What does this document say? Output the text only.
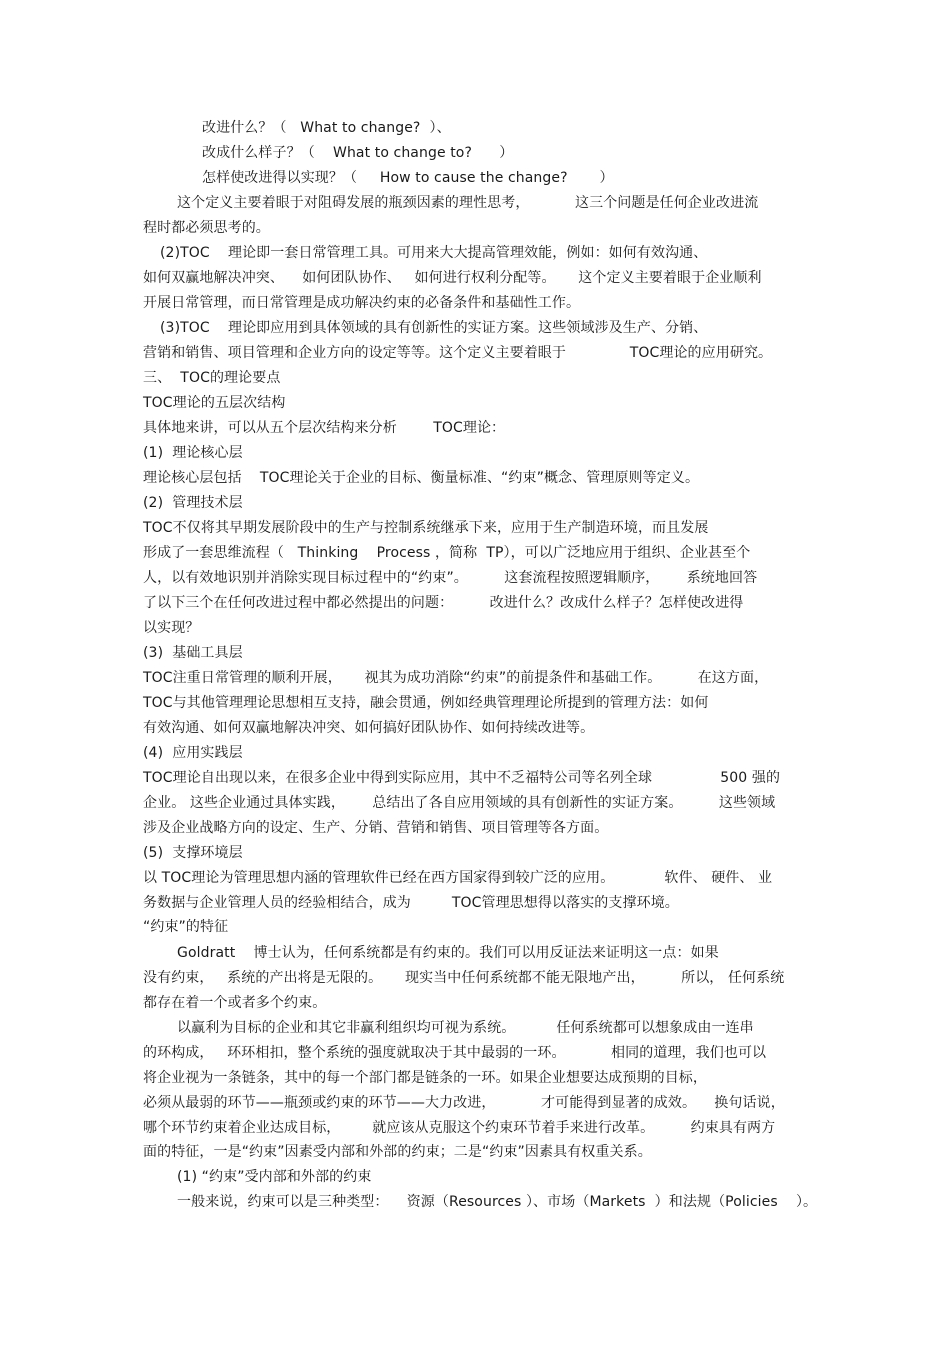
改进什么？（   What to change?  ）、
改成什么样子？（    What to change to?      ）
怎样使改进得以实现？（     How to cause the change?       ）
这个定义主要着眼于对阻碍发展的瓶颈因素的理性思考，          这三个问题是任何企业改进流
程时都必须思考的。
(2)TOC    理论即一套日常管理工具。可用来大大提高管理效能，例如：如何有效沟通、
如何双赢地解决冲突、    如何团队协作、   如何进行权利分配等。     这个定义主要着眼于企业顺利
开展日常管理，而日常管理是成功解决约束的必备条件和基础性工作。
(3)TOC    理论即应用到具体领域的具有创新性的实证方案。这些领域涉及生产、分销、
营销和销售、项目管理和企业方向的设定等等。这个定义主要着眼于              TOC理论的应用研究。
三、  TOC的理论要点
TOC理论的五层次结构
具体地来讲，可以从五个层次结构来分析        TOC理论：
(1)  理论核心层
理论核心层包括    TOC理论关于企业的目标、衡量标准、“约束”概念、管理原则等定义。
(2)  管理技术层
TOC不仅将其早期发展阶段中的生产与控制系统继承下来，应用于生产制造环境，而且发展
形成了一套思维流程（   Thinking    Process ，简称  TP），可以广泛地应用于组织、企业甚至个
人，以有效地识别并消除实现目标过程中的“约束”。        这套流程按照逻辑顺序，      系统地回答
了以下三个在任何改进过程中都必然提出的问题：        改进什么？改成什么样子？怎样使改进得
以实现？
(3)  基础工具层
TOC注重日常管理的顺利开展，     视其为成功消除“约束”的前提条件和基础工作。        在这方面，
TOC与其他管理理论思想相互支持，融会贯通，例如经典管理理论所提到的管理方法：如何
有效沟通、如何双赢地解决冲突、如何搞好团队协作、如何持续改进等。
(4)  应用实践层
TOC理论自出现以来，在很多企业中得到实际应用，其中不乏福特公司等名列全球               500 强的
企业。 这些企业通过具体实践，      总结出了各自应用领域的具有创新性的实证方案。        这些领域
涉及企业战略方向的设定、生产、分销、营销和销售、项目管理等各方面。
(5)  支撑环境层
以 TOC理论为管理思想内涵的管理软件已经在西方国家得到较广泛的应用。           软件、 硬件、 业
务数据与企业管理人员的经验相结合，成为         TOC管理思想得以落实的支撑环境。
“约束”的特征
Goldratt    博士认为，任何系统都是有约束的。我们可以用反证法来证明这一点：如果
没有约束，   系统的产出将是无限的。     现实当中任何系统都不能无限地产出，        所以， 任何系统
都存在着一个或者多个约束。
以赢利为目标的企业和其它非赢利组织均可视为系统。         任何系统都可以想象成由一连串
的环构成，   环环相扣，整个系统的强度就取决于其中最弱的一环。          相同的道理，我们也可以
将企业视为一条链条，其中的每一个部门都是链条的一环。如果企业想要达成预期的目标，
必须从最弱的环节——瓶颈或约束的环节——大力改进，          才可能得到显著的成效。    换句话说，
哪个环节约束着企业达成目标，       就应该从克服这个约束环节着手来进行改革。        约束具有两方
面的特征，一是“约束”因素受内部和外部的约束；二是“约束”因素具有权重关系。
(1) “约束”受内部和外部的约束
一般来说，约束可以是三种类型：    资源（Resources ）、市场（Markets  ）和法规（Policies    ）。
